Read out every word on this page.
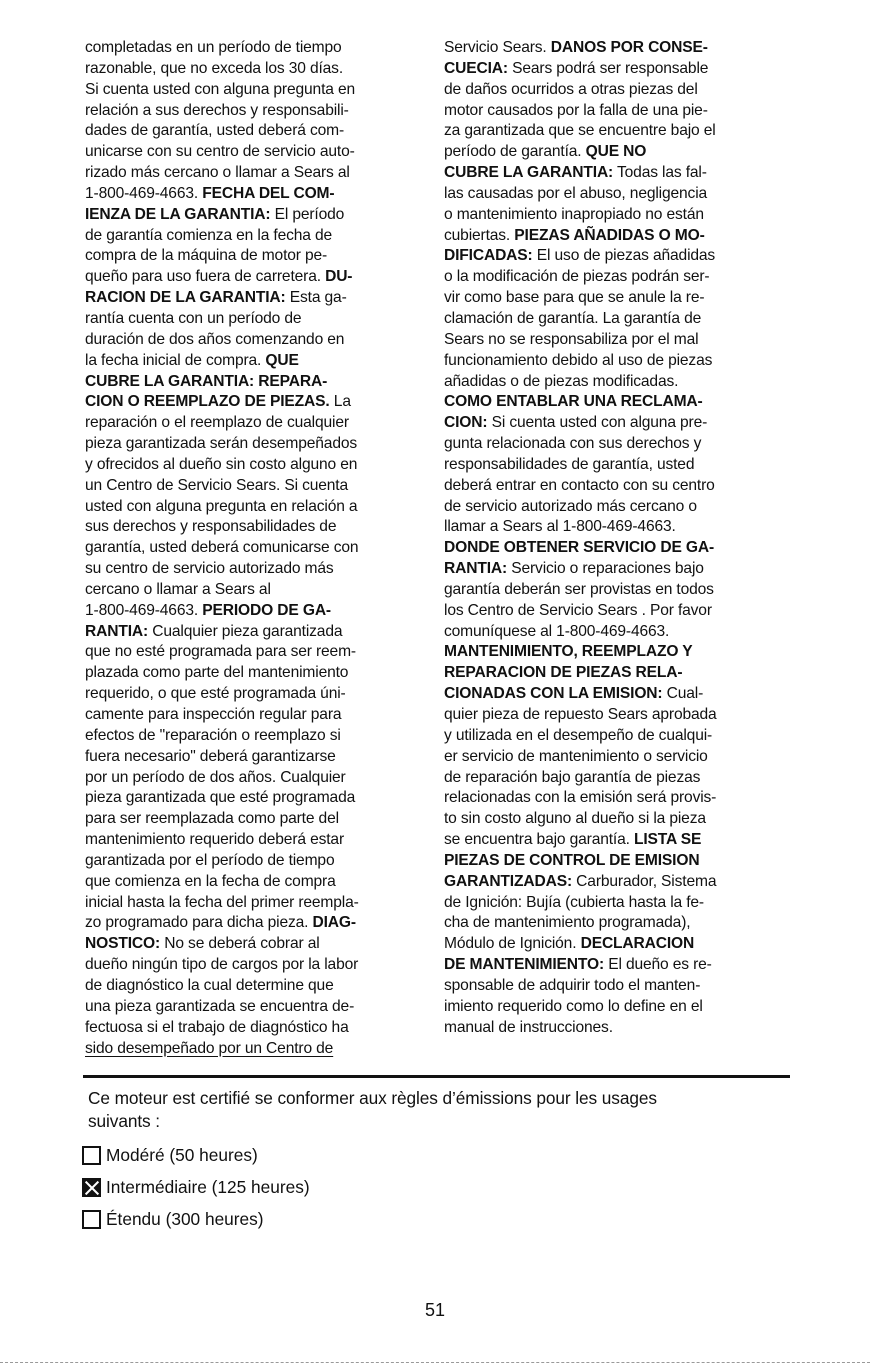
completadas en un período de tiempo
razonable, que no exceda los 30 días.
Si cuenta usted con alguna pregunta en
relación a sus derechos y responsabili-
dades de garantía, usted deberá com-
unicarse con su centro de servicio auto-
rizado más cercano o llamar a Sears al
1-800-469-4663. FECHA DEL COM-
IENZA DE LA GARANTIA: El período
de garantía comienza en la fecha de
compra de la máquina de motor pe-
queño para uso fuera de carretera. DU-
RACION DE LA GARANTIA: Esta ga-
rantía cuenta con un período de
duración de dos años comenzando en
la fecha inicial de compra. QUE
CUBRE LA GARANTIA: REPARA-
CION O REEMPLAZO DE PIEZAS. La
reparación o el reemplazo de cualquier
pieza garantizada serán desempeñados
y ofrecidos al dueño sin costo alguno en
un Centro de Servicio Sears. Si cuenta
usted con alguna pregunta en relación a
sus derechos y responsabilidades de
garantía, usted deberá comunicarse con
su centro de servicio autorizado más
cercano o llamar a Sears al
1-800-469-4663. PERIODO DE GA-
RANTIA: Cualquier pieza garantizada
que no esté programada para ser reem-
plazada como parte del mantenimiento
requerido, o que esté programada úni-
camente para inspección regular para
efectos de "reparación o reemplazo si
fuera necesario" deberá garantizarse
por un período de dos años. Cualquier
pieza garantizada que esté programada
para ser reemplazada como parte del
mantenimiento requerido deberá estar
garantizada por el período de tiempo
que comienza en la fecha de compra
inicial hasta la fecha del primer reempla-
zo programado para dicha pieza. DIAG-
NOSTICO: No se deberá cobrar al
dueño ningún tipo de cargos por la labor
de diagnóstico la cual determine que
una pieza garantizada se encuentra de-
fectuosa si el trabajo de diagnóstico ha
sido desempeñado por un Centro de
Servicio Sears. DANOS POR CONSE-
CUECIA: Sears podrá ser responsable
de daños ocurridos a otras piezas del
motor causados por la falla de una pie-
za garantizada que se encuentre bajo el
período de garantía. QUE NO
CUBRE LA GARANTIA: Todas las fal-
las causadas por el abuso, negligencia
o mantenimiento inapropiado no están
cubiertas. PIEZAS AÑADIDAS O MO-
DIFICADAS: El uso de piezas añadidas
o la modificación de piezas podrán ser-
vir como base para que se anule la re-
clamación de garantía. La garantía de
Sears no se responsabiliza por el mal
funcionamiento debido al uso de piezas
añadidas o de piezas modificadas.
COMO ENTABLAR UNA RECLAMA-
CION: Si cuenta usted con alguna pre-
gunta relacionada con sus derechos y
responsabilidades de garantía, usted
deberá entrar en contacto con su centro
de servicio autorizado más cercano o
llamar a Sears al 1-800-469-4663.
DONDE OBTENER SERVICIO DE GA-
RANTIA: Servicio o reparaciones bajo
garantía deberán ser provistas en todos
los Centro de Servicio Sears . Por favor
comuníquese al 1-800-469-4663.
MANTENIMIENTO, REEMPLAZO Y
REPARACION DE PIEZAS RELA-
CIONADAS CON LA EMISION: Cual-
quier pieza de repuesto Sears aprobada
y utilizada en el desempeño de cualqui-
er servicio de mantenimiento o servicio
de reparación bajo garantía de piezas
relacionadas con la emisión será provis-
to sin costo alguno al dueño si la pieza
se encuentra bajo garantía. LISTA SE
PIEZAS DE CONTROL DE EMISION
GARANTIZADAS: Carburador, Sistema
de Ignición: Bujía (cubierta hasta la fe-
cha de mantenimiento programada),
Módulo de Ignición. DECLARACION
DE MANTENIMIENTO: El dueño es re-
sponsable de adquirir todo el manten-
imiento requerido como lo define en el
manual de instrucciones.
Ce moteur est certifié se conformer aux règles d’émissions pour les usages
suivants :
Modéré (50 heures)
Intermédiaire (125 heures)
Étendu (300 heures)
51
